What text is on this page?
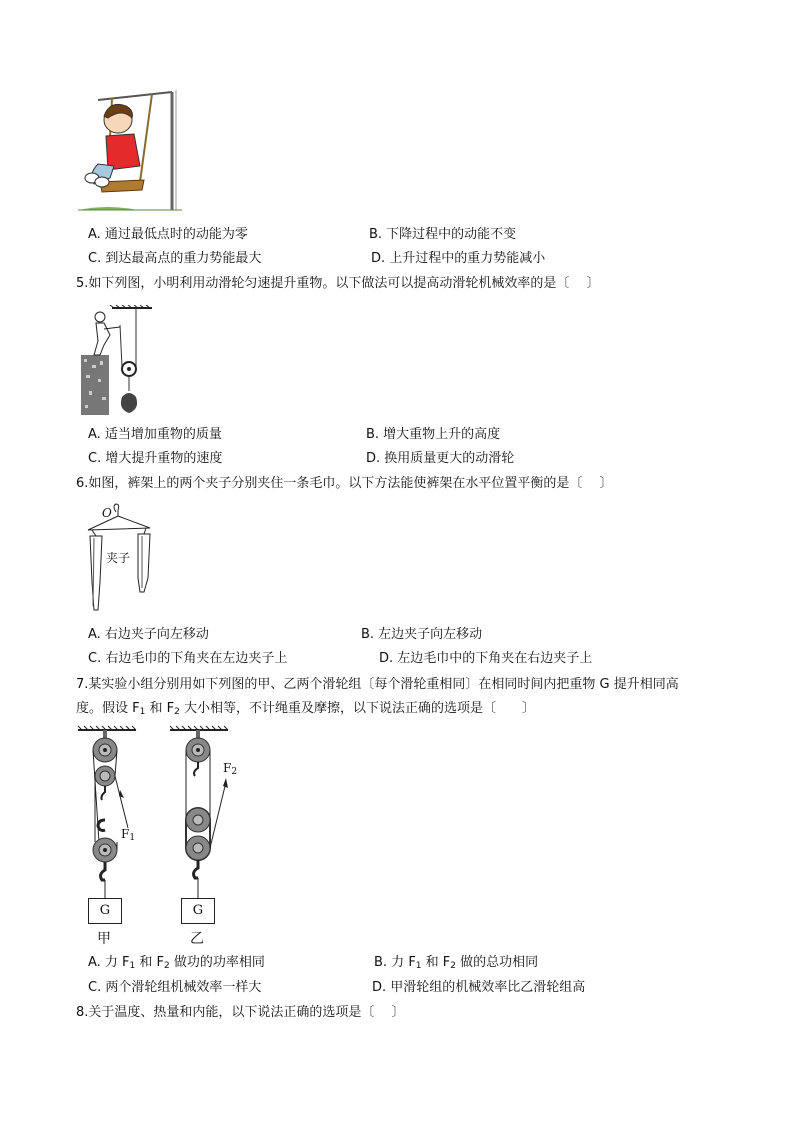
A. 通过最低点时的动能为零	B. 下降过程中的动能不变
C. 到达最高点的重力势能最大	D. 上升过程中的重力势能减小
5.如下列图，小明利用动滑轮匀速提升重物。以下做法可以提高动滑轮机械效率的是〔　 〕
A. 适当增加重物的质量	B. 增大重物上升的高度
C. 增大提升重物的速度	D. 换用质量更大的动滑轮
6.如图，裤架上的两个夹子分别夹住一条毛巾。以下方法能使裤架在水平位置平衡的是〔　 〕
O
夹子
A. 右边夹子向左移动	B. 左边夹子向左移动
C. 右边毛巾的下角夹在左边夹子上	D. 左边毛巾中的下角夹在右边夹子上
7.某实验小组分别用如下列图的甲、乙两个滑轮组〔每个滑轮重相同〕在相同时间内把重物 G 提升相同高
度。假设 $F_1$ 和 $F_2$ 大小相等，不计绳重及摩擦，以下说法正确的选项是〔　　〕
$F_1$
G
甲
$F_2$
G
乙
A. 力 $F_1$ 和 $F_2$ 做功的功率相同	B. 力 $F_1$ 和 $F_2$ 做的总功相同
C. 两个滑轮组机械效率一样大	D. 甲滑轮组的机械效率比乙滑轮组高
8.关于温度、热量和内能，以下说法正确的选项是〔　 〕
